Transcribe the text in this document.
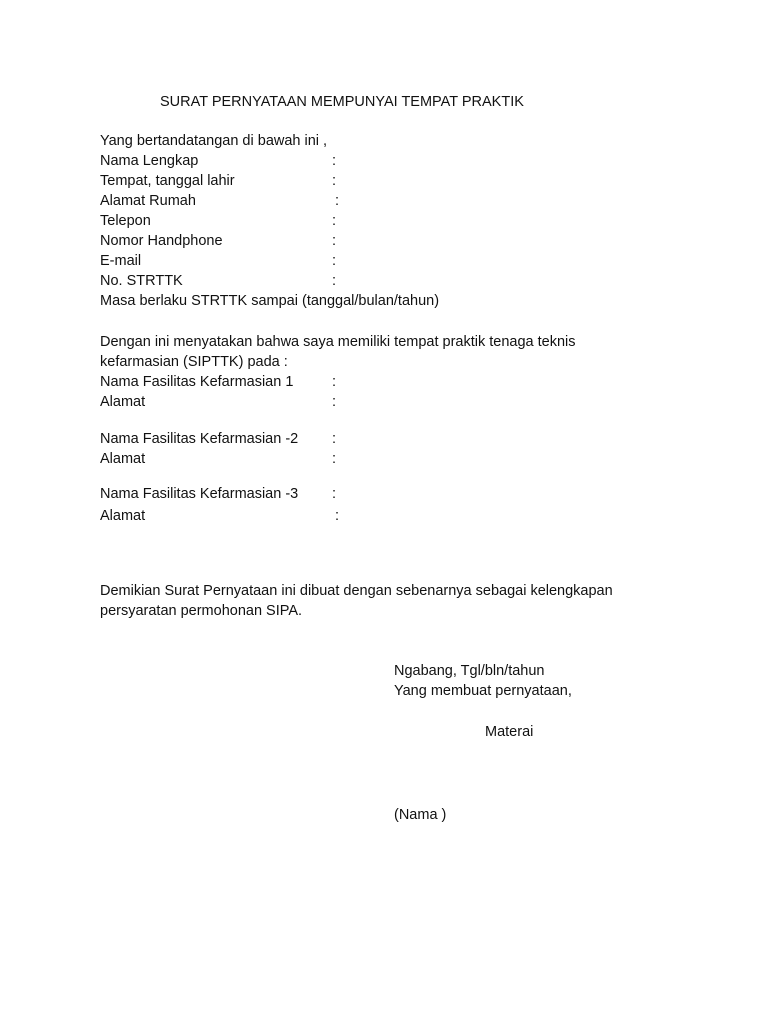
SURAT PERNYATAAN MEMPUNYAI TEMPAT PRAKTIK
Yang bertandatangan di bawah ini ,
Nama Lengkap	:
Tempat, tanggal lahir	:
Alamat Rumah	:
Telepon	:
Nomor Handphone	:
E-mail	:
No. STRTTK	:
Masa berlaku STRTTK sampai (tanggal/bulan/tahun)
Dengan ini menyatakan bahwa saya memiliki tempat praktik tenaga teknis
kefarmasian (SIPTTK) pada :
Nama Fasilitas Kefarmasian 1	:
Alamat	:
Nama Fasilitas Kefarmasian -2 :
Alamat	:
Nama Fasilitas Kefarmasian -3 :
Alamat	:
Demikian Surat Pernyataan ini dibuat dengan sebenarnya sebagai kelengkapan
persyaratan permohonan SIPA.
Ngabang, Tgl/bln/tahun
Yang membuat pernyataan,
Materai
(Nama )
